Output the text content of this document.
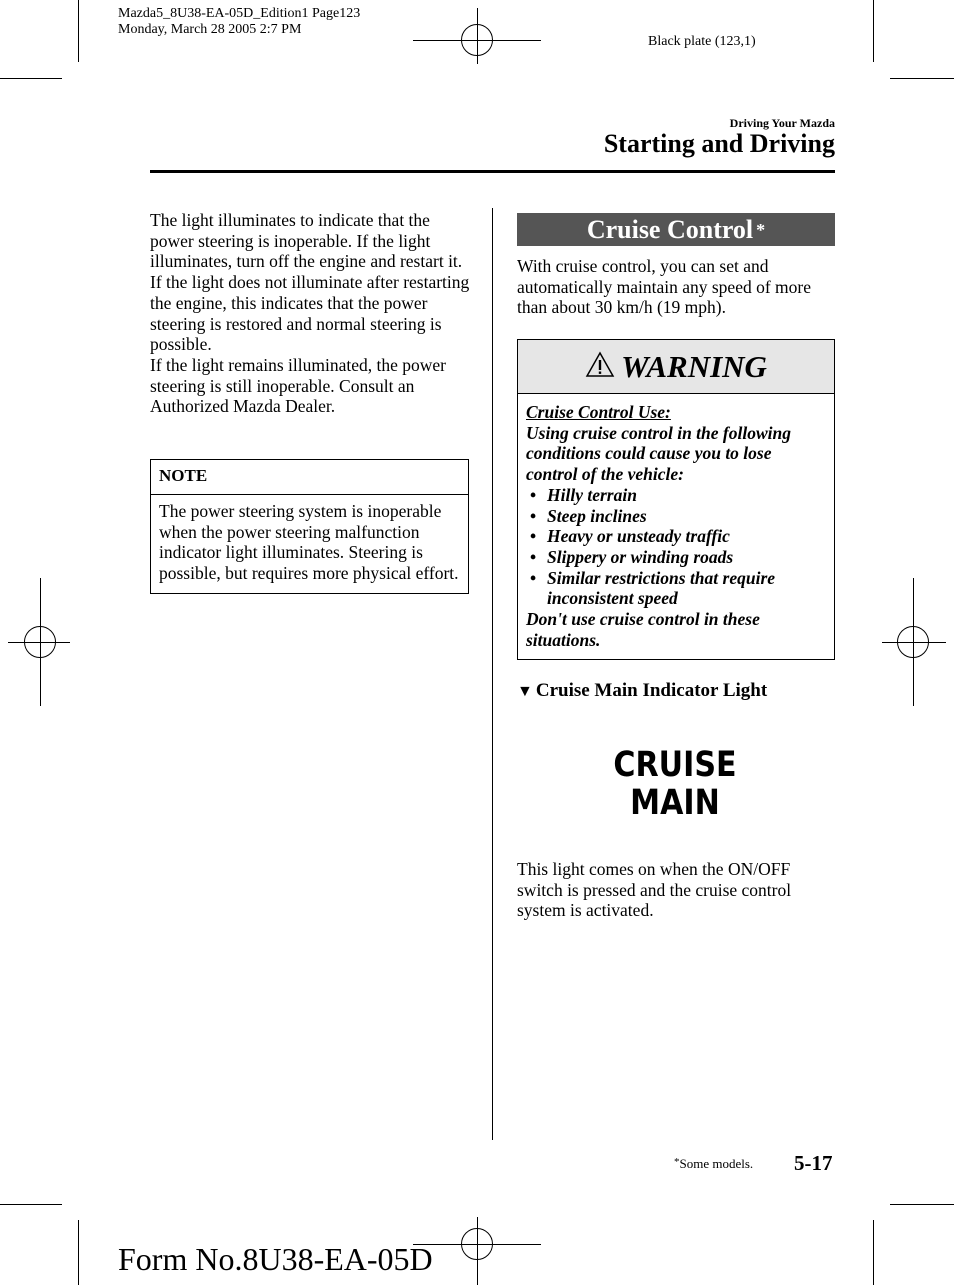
Mazda5_8U38-EA-05D_Edition1 Page123
Monday, March 28 2005 2:7 PM
Black plate (123,1)
Driving Your Mazda
Starting and Driving
The light illuminates to indicate that the power steering is inoperable. If the light illuminates, turn off the engine and restart it.
If the light does not illuminate after restarting the engine, this indicates that the power steering is restored and normal steering is possible.
If the light remains illuminated, the power steering is still inoperable. Consult an Authorized Mazda Dealer.
NOTE
The power steering system is inoperable when the power steering malfunction indicator light illuminates. Steering is possible, but requires more physical effort.
Cruise Control *
With cruise control, you can set and automatically maintain any speed of more than about 30 km/h (19 mph).
WARNING
Cruise Control Use:
Using cruise control in the following conditions could cause you to lose control of the vehicle:
• Hilly terrain
• Steep inclines
• Heavy or unsteady traffic
• Slippery or winding roads
• Similar restrictions that require inconsistent speed
Don't use cruise control in these situations.
▼ Cruise Main Indicator Light
CRUISE
MAIN
This light comes on when the ON/OFF switch is pressed and the cruise control system is activated.
*Some models. 5-17
Form No.8U38-EA-05D
